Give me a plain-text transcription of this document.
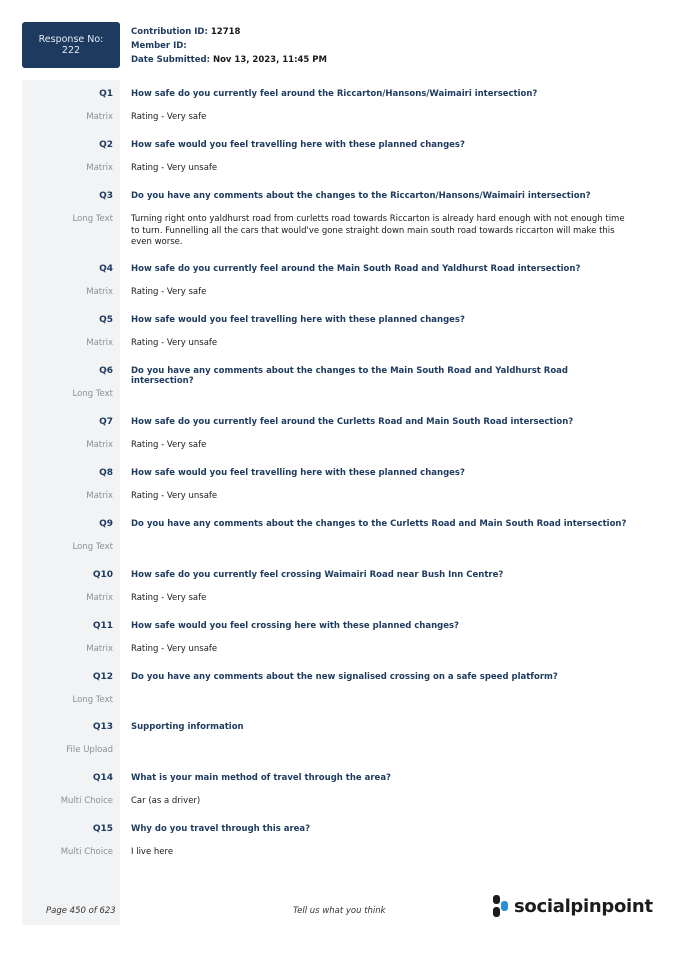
Response No:
222
Contribution ID: 12718
Member ID:
Date Submitted: Nov 13, 2023, 11:45 PM
Q1 How safe do you currently feel around the Riccarton/Hansons/Waimairi intersection?
Matrix Rating - Very safe
Q2 How safe would you feel travelling here with these planned changes?
Matrix Rating - Very unsafe
Q3 Do you have any comments about the changes to the Riccarton/Hansons/Waimairi intersection?
Long Text Turning right onto yaldhurst road from curletts road towards Riccarton is already hard enough with not enough time to turn. Funnelling all the cars that would've gone straight down main south road towards riccarton will make this even worse.
Q4 How safe do you currently feel around the Main South Road and Yaldhurst Road intersection?
Matrix Rating - Very safe
Q5 How safe would you feel travelling here with these planned changes?
Matrix Rating - Very unsafe
Q6 Do you have any comments about the changes to the Main South Road and Yaldhurst Road intersection?
Long Text
Q7 How safe do you currently feel around the Curletts Road and Main South Road intersection?
Matrix Rating - Very safe
Q8 How safe would you feel travelling here with these planned changes?
Matrix Rating - Very unsafe
Q9 Do you have any comments about the changes to the Curletts Road and Main South Road intersection?
Long Text
Q10 How safe do you currently feel crossing Waimairi Road near Bush Inn Centre?
Matrix Rating - Very safe
Q11 How safe would you feel crossing here with these planned changes?
Matrix Rating - Very unsafe
Q12 Do you have any comments about the new signalised crossing on a safe speed platform?
Long Text
Q13 Supporting information
File Upload
Q14 What is your main method of travel through the area?
Multi Choice Car (as a driver)
Q15 Why do you travel through this area?
Multi Choice I live here
Page 450 of 623	Tell us what you think	socialpinpoint
